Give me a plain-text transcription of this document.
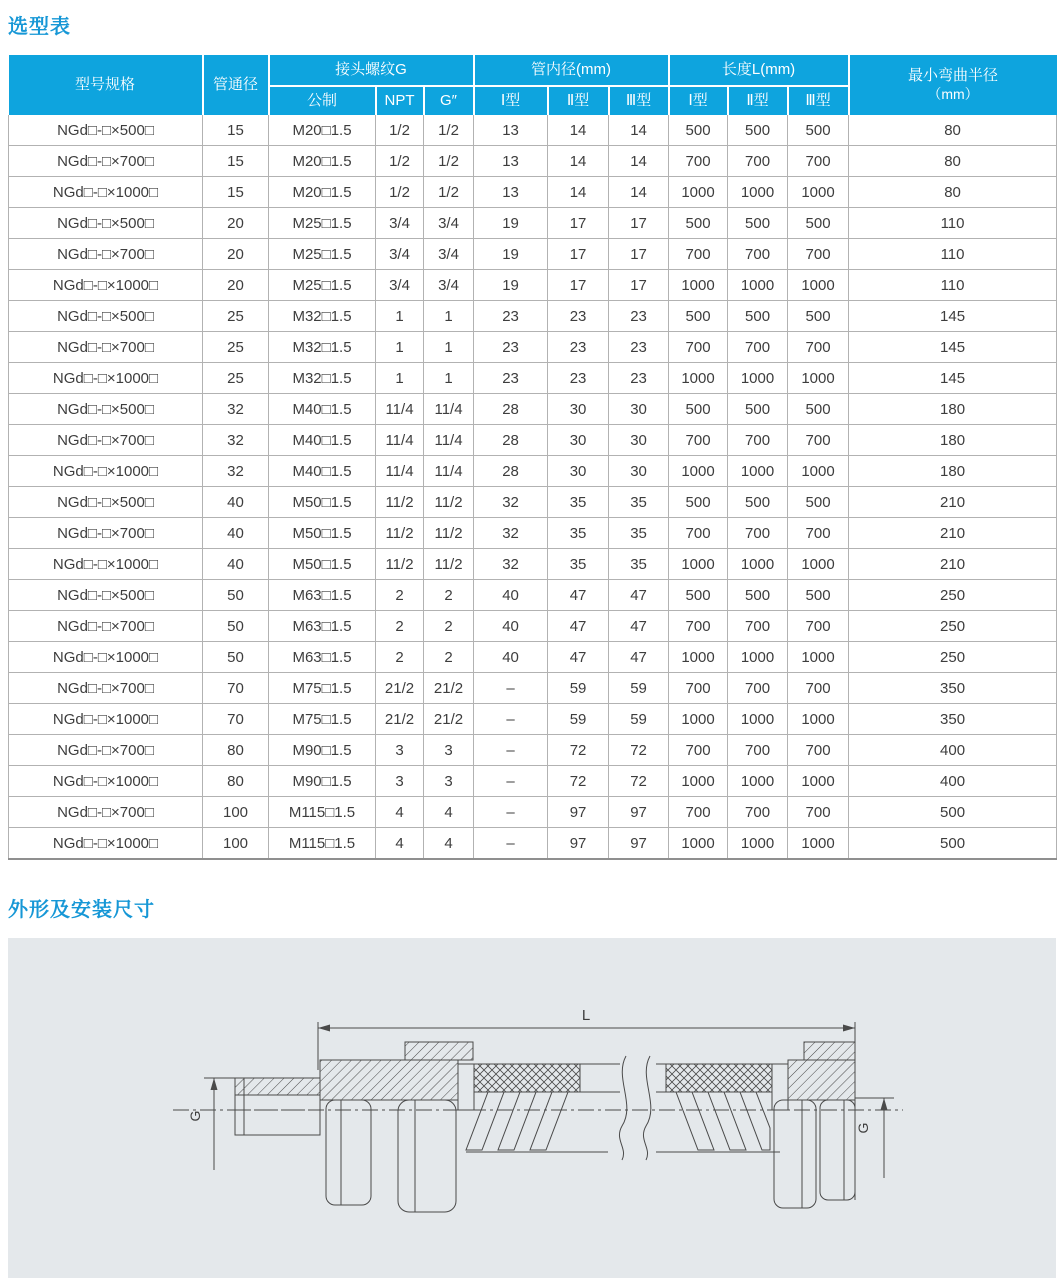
选型表
型号规格	管通径	接头螺纹G			管内径(mm)			长度L(mm)			最小弯曲半径
（mm）

		公制	NPT	G″	Ⅰ型	Ⅱ型	Ⅲ型	Ⅰ型	Ⅱ型	Ⅲ型	
NGd□-□×500□	15	M20□1.5	1/2	1/2	13	14	14	500	500	500	80
NGd□-□×700□	15	M20□1.5	1/2	1/2	13	14	14	700	700	700	80
NGd□-□×1000□	15	M20□1.5	1/2	1/2	13	14	14	1000	1000	1000	80
NGd□-□×500□	20	M25□1.5	3/4	3/4	19	17	17	500	500	500	110
NGd□-□×700□	20	M25□1.5	3/4	3/4	19	17	17	700	700	700	110
NGd□-□×1000□	20	M25□1.5	3/4	3/4	19	17	17	1000	1000	1000	110
NGd□-□×500□	25	M32□1.5	1	1	23	23	23	500	500	500	145
NGd□-□×700□	25	M32□1.5	1	1	23	23	23	700	700	700	145
NGd□-□×1000□	25	M32□1.5	1	1	23	23	23	1000	1000	1000	145
NGd□-□×500□	32	M40□1.5	11/4	11/4	28	30	30	500	500	500	180
NGd□-□×700□	32	M40□1.5	11/4	11/4	28	30	30	700	700	700	180
NGd□-□×1000□	32	M40□1.5	11/4	11/4	28	30	30	1000	1000	1000	180
NGd□-□×500□	40	M50□1.5	11/2	11/2	32	35	35	500	500	500	210
NGd□-□×700□	40	M50□1.5	11/2	11/2	32	35	35	700	700	700	210
NGd□-□×1000□	40	M50□1.5	11/2	11/2	32	35	35	1000	1000	1000	210
NGd□-□×500□	50	M63□1.5	2	2	40	47	47	500	500	500	250
NGd□-□×700□	50	M63□1.5	2	2	40	47	47	700	700	700	250
NGd□-□×1000□	50	M63□1.5	2	2	40	47	47	1000	1000	1000	250
NGd□-□×700□	70	M75□1.5	21/2	21/2	–	59	59	700	700	700	350
NGd□-□×1000□	70	M75□1.5	21/2	21/2	–	59	59	1000	1000	1000	350
NGd□-□×700□	80	M90□1.5	3	3	–	72	72	700	700	700	400
NGd□-□×1000□	80	M90□1.5	3	3	–	72	72	1000	1000	1000	400
NGd□-□×700□	100	M115□1.5	4	4	–	97	97	700	700	700	500
NGd□-□×1000□	100	M115□1.5	4	4	–	97	97	1000	1000	1000	500
外形及安装尺寸
L
G
G
